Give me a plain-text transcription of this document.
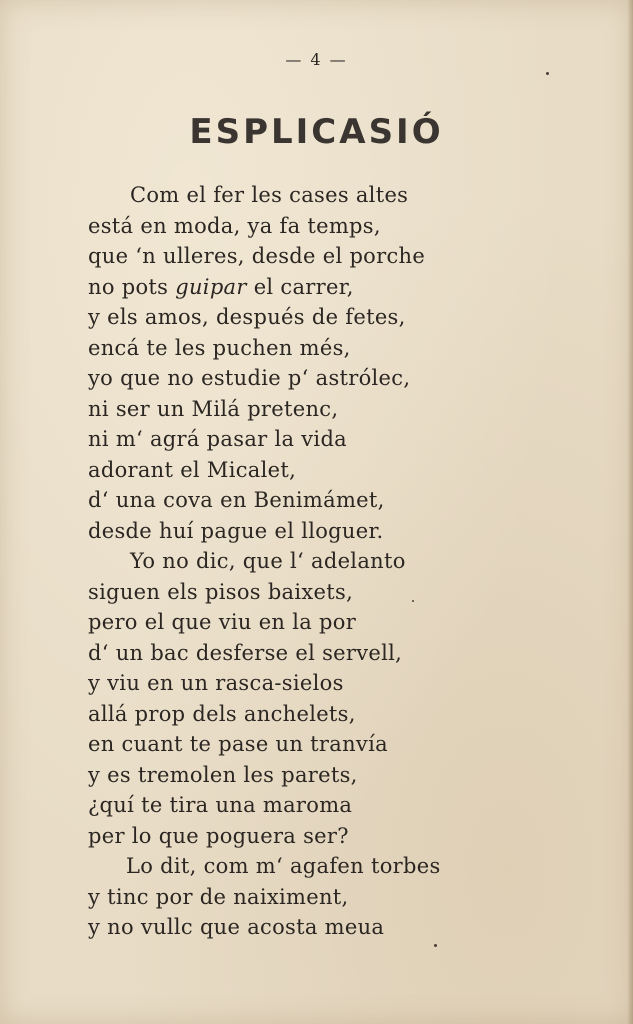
— 4 —
ESPLICASIÓ
Com el fer les cases altes
está en moda, ya fa temps,
que ‘n ulleres, desde el porche
no pots guipar el carrer,
y els amos, después de fetes,
encá te les puchen més,
yo que no estudie p‘ astrólec,
ni ser un Milá pretenc,
ni m‘ agrá pasar la vida
adorant el Micalet,
d‘ una cova en Benimámet,
desde huí pague el lloguer.
Yo no dic, que l‘ adelanto
siguen els pisos baixets,
pero el que viu en la por
d‘ un bac desferse el servell,
y viu en un rasca-sielos
allá prop dels anchelets,
en cuant te pase un tranvía
y es tremolen les parets,
¿quí te tira una maroma
per lo que poguera ser?
Lo dit, com m‘ agafen torbes
y tinc por de naiximent,
y no vullc que acosta meua
